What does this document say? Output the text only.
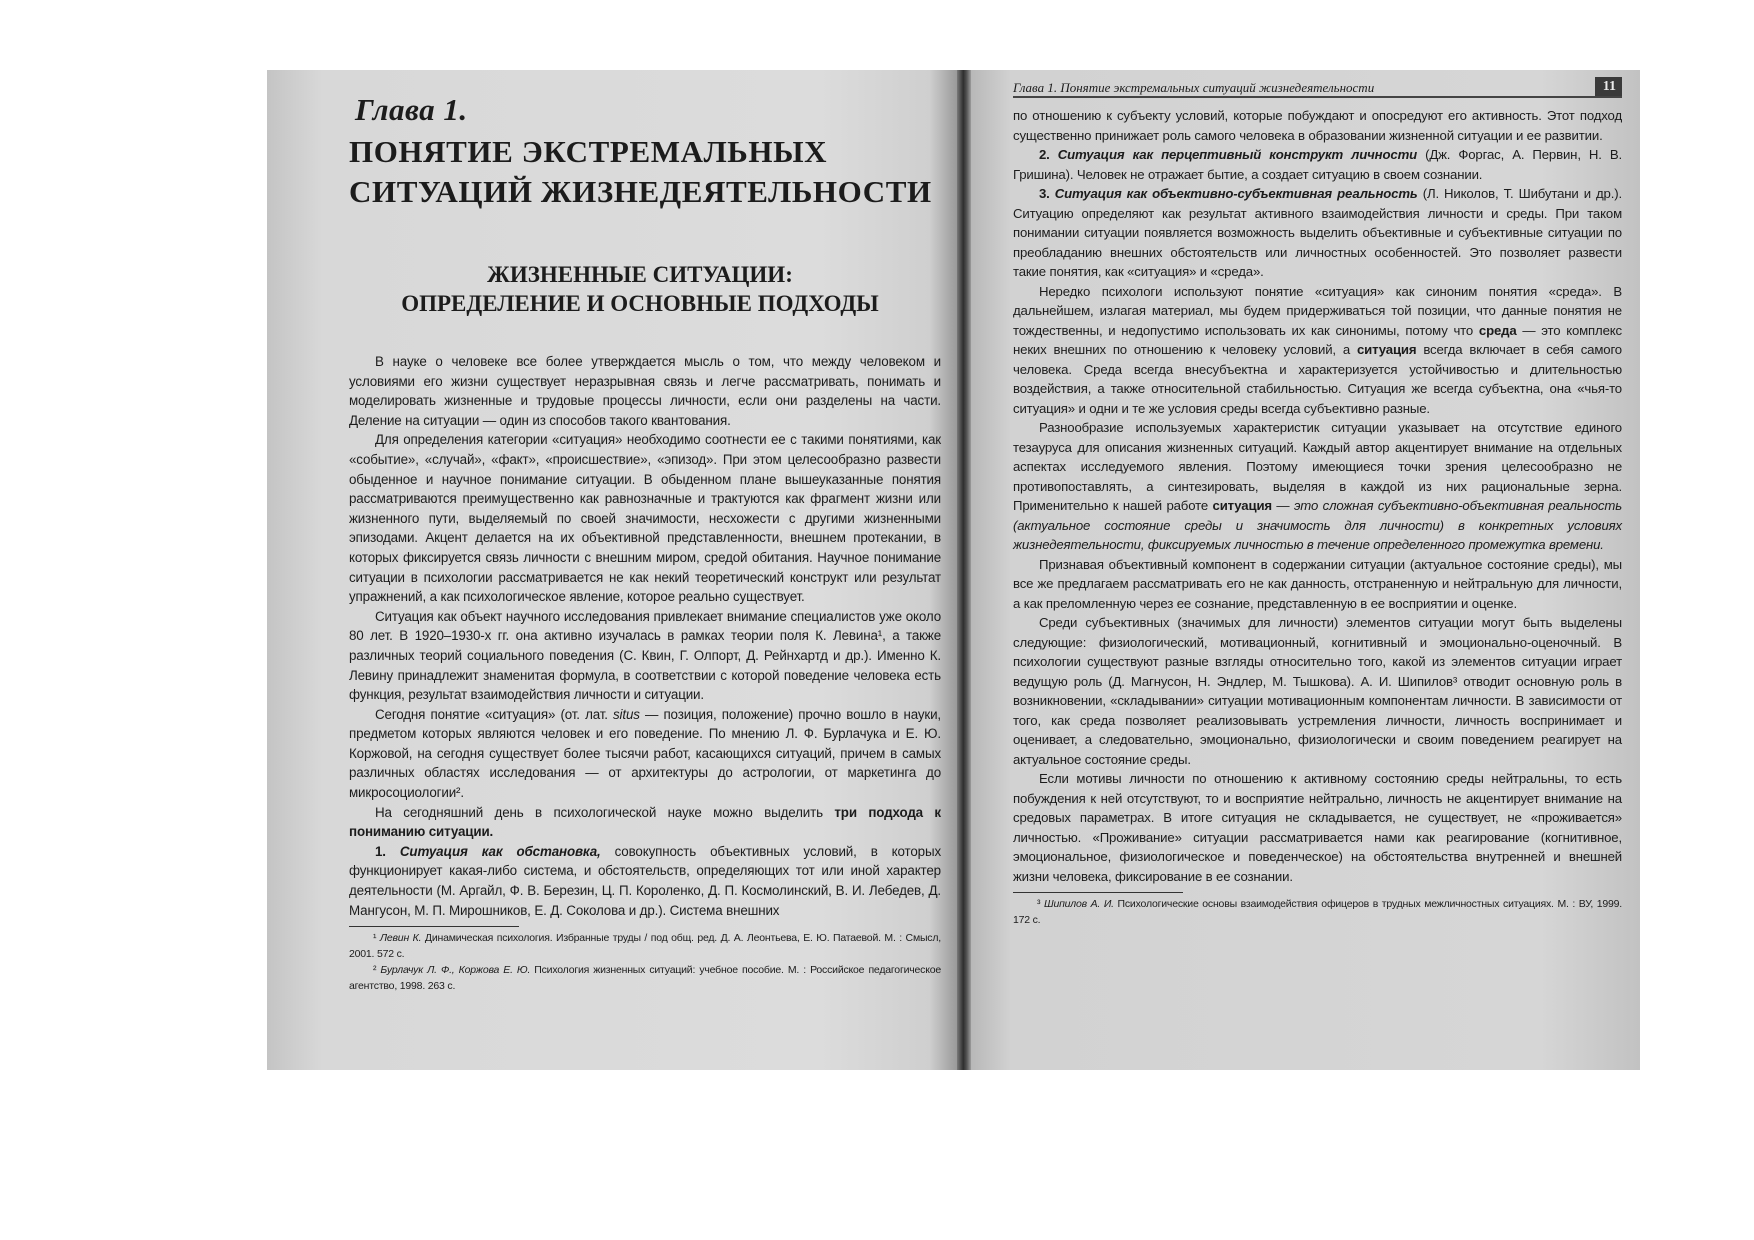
Глава 1.
ПОНЯТИЕ ЭКСТРЕМАЛЬНЫХ
СИТУАЦИЙ ЖИЗНЕДЕЯТЕЛЬНОСТИ
ЖИЗНЕННЫЕ СИТУАЦИИ:
ОПРЕДЕЛЕНИЕ И ОСНОВНЫЕ ПОДХОДЫ

В науке о человеке все более утверждается мысль о том, что между человеком и условиями его жизни существует неразрывная связь и легче рассматривать, понимать и моделировать жизненные и трудовые процессы личности, если они разделены на части. Деление на ситуации — один из способов такого квантования.

Для определения категории «ситуация» необходимо соотнести ее с такими понятиями, как «событие», «случай», «факт», «происшествие», «эпизод». При этом целесообразно развести обыденное и научное понимание ситуации. В обыденном плане вышеуказанные понятия рассматриваются преимущественно как равнозначные и трактуются как фрагмент жизни или жизненного пути, выделяемый по своей значимости, несхожести с другими жизненными эпизодами. Акцент делается на их объективной представленности, внешнем протекании, в которых фиксируется связь личности с внешним миром, средой обитания. Научное понимание ситуации в психологии рассматривается не как некий теоретический конструкт или результат упражнений, а как психологическое явление, которое реально существует.

Ситуация как объект научного исследования привлекает внимание специалистов уже около 80 лет. В 1920–1930-х гг. она активно изучалась в рамках теории поля К. Левина¹, а также различных теорий социального поведения (С. Квин, Г. Олпорт, Д. Рейнхартд и др.). Именно К. Левину принадлежит знаменитая формула, в соответствии с которой поведение человека есть функция, результат взаимодействия личности и ситуации.

Сегодня понятие «ситуация» (от. лат. situs — позиция, положение) прочно вошло в науки, предметом которых являются человек и его поведение. По мнению Л. Ф. Бурлачука и Е. Ю. Коржовой, на сегодня существует более тысячи работ, касающихся ситуаций, причем в самых различных областях исследования — от архитектуры до астрологии, от маркетинга до микросоциологии².

На сегодняшний день в психологической науке можно выделить три подхода к пониманию ситуации.

1. Ситуация как обстановка, совокупность объективных условий, в которых функционирует какая-либо система, и обстоятельств, определяющих тот или иной характер деятельности (М. Аргайл, Ф. В. Березин, Ц. П. Короленко, Д. П. Космолинский, В. И. Лебедев, Д. Мангусон, М. П. Мирошников, Е. Д. Соколова и др.). Система внешних

¹ Левин К. Динамическая психология. Избранные труды / под общ. ред. Д. А. Леонтьева, Е. Ю. Патаевой. М. : Смысл, 2001. 572 с.

² Бурлачук Л. Ф., Коржова Е. Ю. Психология жизненных ситуаций: учебное пособие. М. : Российское педагогическое агентство, 1998. 263 с.

Глава 1. Понятие экстремальных ситуаций жизнедеятельности	11

по отношению к субъекту условий, которые побуждают и опосредуют его активность. Этот подход существенно принижает роль самого человека в образовании жизненной ситуации и ее развитии.

2. Ситуация как перцептивный конструкт личности (Дж. Форгас, А. Первин, Н. В. Гришина). Человек не отражает бытие, а создает ситуацию в своем сознании.

3. Ситуация как объективно-субъективная реальность (Л. Николов, Т. Шибутани и др.). Ситуацию определяют как результат активного взаимодействия личности и среды. При таком понимании ситуации появляется возможность выделить объективные и субъективные ситуации по преобладанию внешних обстоятельств или личностных особенностей. Это позволяет развести такие понятия, как «ситуация» и «среда».

Нередко психологи используют понятие «ситуация» как синоним понятия «среда». В дальнейшем, излагая материал, мы будем придерживаться той позиции, что данные понятия не тождественны, и недопустимо использовать их как синонимы, потому что среда — это комплекс неких внешних по отношению к человеку условий, а ситуация всегда включает в себя самого человека. Среда всегда внесубъектна и характеризуется устойчивостью и длительностью воздействия, а также относительной стабильностью. Ситуация же всегда субъектна, она «чья-то ситуация» и одни и те же условия среды всегда субъективно разные.

Разнообразие используемых характеристик ситуации указывает на отсутствие единого тезауруса для описания жизненных ситуаций. Каждый автор акцентирует внимание на отдельных аспектах исследуемого явления. Поэтому имеющиеся точки зрения целесообразно не противопоставлять, а синтезировать, выделяя в каждой из них рациональные зерна. Применительно к нашей работе ситуация — это сложная субъективно-объективная реальность (актуальное состояние среды и значимость для личности) в конкретных условиях жизнедеятельности, фиксируемых личностью в течение определенного промежутка времени.

Признавая объективный компонент в содержании ситуации (актуальное состояние среды), мы все же предлагаем рассматривать его не как данность, отстраненную и нейтральную для личности, а как преломленную через ее сознание, представленную в ее восприятии и оценке.

Среди субъективных (значимых для личности) элементов ситуации могут быть выделены следующие: физиологический, мотивационный, когнитивный и эмоционально-оценочный. В психологии существуют разные взгляды относительно того, какой из элементов ситуации играет ведущую роль (Д. Магнусон, Н. Эндлер, М. Тышкова). А. И. Шипилов³ отводит основную роль в возникновении, «складывании» ситуации мотивационным компонентам личности. В зависимости от того, как среда позволяет реализовывать устремления личности, личность воспринимает и оценивает, а следовательно, эмоционально, физиологически и своим поведением реагирует на актуальное состояние среды.

Если мотивы личности по отношению к активному состоянию среды нейтральны, то есть побуждения к ней отсутствуют, то и восприятие нейтрально, личность не акцентирует внимание на средовых параметрах. В итоге ситуация не складывается, не существует, не «проживается» личностью. «Проживание» ситуации рассматривается нами как реагирование (когнитивное, эмоциональное, физиологическое и поведенческое) на обстоятельства внутренней и внешней жизни человека, фиксирование в ее сознании.

³ Шипилов А. И. Психологические основы взаимодействия офицеров в трудных межличностных ситуациях. М. : ВУ, 1999. 172 с.
